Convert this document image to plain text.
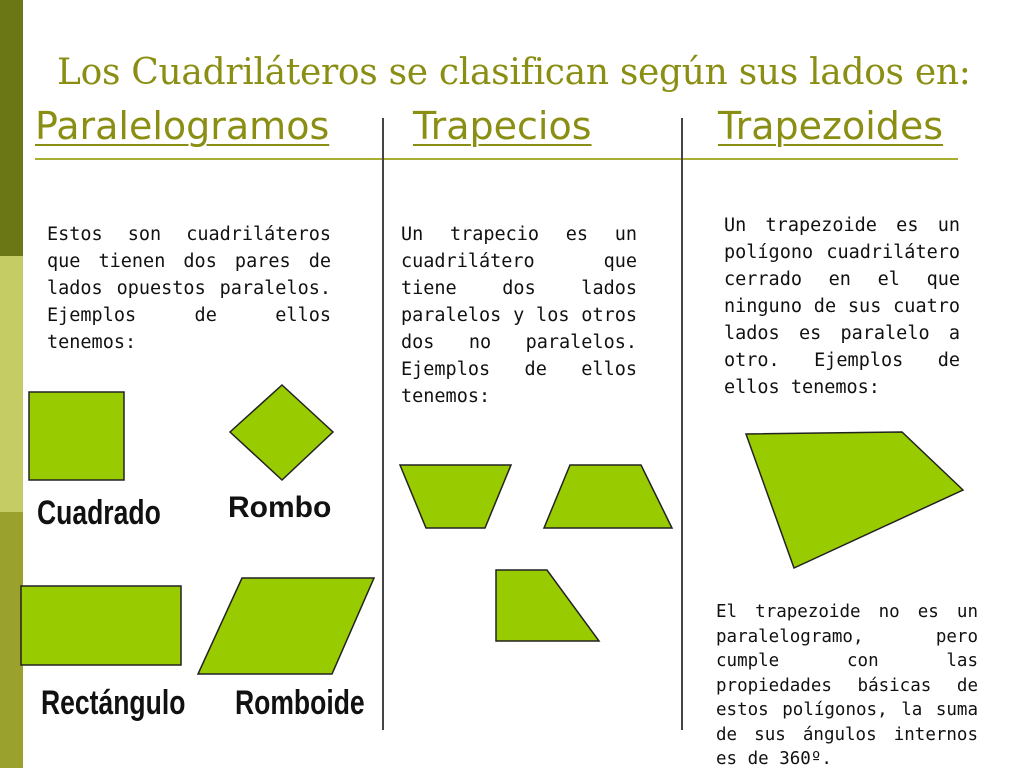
Los Cuadriláteros se clasifican según sus lados en:
Paralelogramos Trapecios	Trapezoides

Estos son cuadriláteros que tienen dos pares de lados opuestos paralelos. Ejemplos de ellos tenemos:

Un trapecio es un cuadrilátero que tiene dos lados paralelos y los otros dos no paralelos. Ejemplos de ellos tenemos:

Un trapezoide es un polígono cuadrilátero cerrado en el que ninguno de sus cuatro lados es paralelo a otro. Ejemplos de ellos tenemos:

El trapezoide no es un paralelogramo, pero cumple con las propiedades básicas de estos polígonos, la suma de sus ángulos internos es de 360º.

Cuadrado Rombo
Rectángulo Romboide
